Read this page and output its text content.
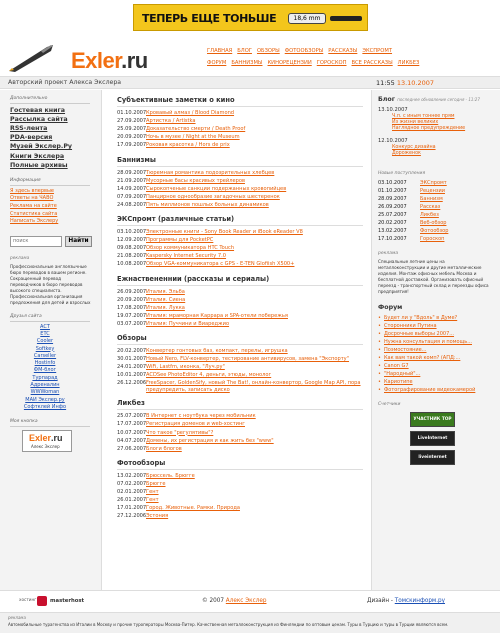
ТЕПЕРЬ ЕЩЕ ТОНЬШЕ	18,6 mm
Exler.ru	ГЛАВНАЯ БЛОГ ОБЗОРЫ ФОТООБЗОРЫ РАССКАЗЫ ЭКСПРОМТ
ФОРУМ БАННИЗМЫ КИНОРЕЦЕНЗИИ ГОРОСКОП ВСЕ РАССКАЗЫ ЛИКБЕЗ
Авторский проект Алекса Экслера	11:55 13.10.2007
Дополнительно
Гостевая книга
Рассылка сайта
RSS-лента
PDA-версия
Музей Экслер.Ру
Книги Экслера
Полные архивы
Информация
Я здесь впервые
Ответы на ЧАВО
Реклама на сайте
Статистика сайта
Написать Экслеру
поиск
Найти
реклама
Профессиональные англоязычные бюро переводов в вашем регионе. Сокращенный перевод переводчиков в бюро переводов высокого специалиста. Профессиональная организация предложения для детей и взрослых
Друзья сайта
ACT
ETC
Cooler
Softkey
Carseller
Hostinfo
ФМ-блог
Турпарад
Адреналин
WWWoman
МАИ Экслер.ру
Софтклей Инфо
Моя кнопка
Exler.ru
Алекс Экслер
Субъективные заметки о кино
01.10.2007 Кровавый алмаз / Blood Diamond
27.09.2007 Артистка / Artistka
25.09.2007 Доказательство смерти / Death Proof
20.09.2007 Ночь в музее / Night at the Museum
17.09.2007 Роковая красотка / Hors de prix
Баннизмы
28.09.2007 Тюремная романтика подозрительных хлебцев
21.09.2007 Мусорные басы красивых трейлеров
14.09.2007 Сырокопченые санкции подержанных кровопийцев
07.09.2007 Панцирное однообразие загадочных шестеренок
24.08.2007 Пять миллионов пошлых больных динамиков
ЭКСпромт (различные статьи)
03.10.2007 Электронные книги - Sony Book Reader и iBook eReader V8
12.09.2007 Программы для PocketPC
09.08.2007 Обзор коммуникатора HTC Touch
21.08.2007 Kaspersky Internet Security 7.0
10.08.2007 Обзор VGA-коммуникатора с GPS - E-TEN Glofiish X500+
Ежнаствененнии (рассказы и сериалы)
26.09.2007 Италия. Эльба
20.09.2007 Италия. Сиена
17.08.2007 Италия. Лукка
19.07.2007 Италия: мраморная Каррара и SPA-отели побережья
03.07.2007 Италия: Пуччини и Виареджио
Обзоры
20.02.2007 Конвертер гонтовых баз, компакт, перелы, игрушка
30.01.2007 Новый Nero, FLV-конвертер, тестирование антивирусов, замена "Экспорту"
24.01.2007 WiFi, Lastfm, иконка, "Луч.ру"
10.01.2007 ACDSee PhotoEditor 4, деньги, этюды, монолог
26.12.2006 FreeSpacer, GoldenSify, новый The Bat!, онлайн-конвертор, Google Map API, пора предупредить, записать диско
Ликбез
25.07.2007 В Интернет с ноутбука через мобильник
17.07.2007 Регистрация доменов и web-хостинг
10.07.2007 Что такое "регулятивы"?
04.07.2007 Домены, их регистрация и как жить без "www"
27.06.2007 Блоги блогов
Фотообзоры
13.02.2007 Брюссель. Брюгге
07.02.2007 Брюгге
02.01.2007 Гент
26.01.2007 Гент
17.01.2007 Город. Животные. Рамки. Природа
27.12.2006 Эстония
Блог последнее обновление сегодня - 11:27
13.10.2007
Ч.п. с иным тоннее прям
Из жизни великих
Наглядное предупреждение
12.10.2007
Конкурс дизайна
Дороженок
Новые поступления
03.10.2007	ЭКСпромт
01.10.2007	Рецензии
28.09.2007	Баннизм
26.09.2007	Рассказ
25.07.2007	Ликбез
20.02.2007	Веб-обзор
13.02.2007	Фотообзор
17.10.2007	Гороскоп
реклама
Специальные летние цены на металлоконструкции и другие металлические изделия. Монтаж офисных мебель Москва и бесплатной доставкой. Организовать офисный переезд - транспортный склад и переезды офиса предприятия!
Форум
• Будет ли у "Вдоль" в Думе?
• Сторонники Путина
• Досрочные выборы 2007...
• Нужна консультация и помощь...
• Поэмостояние...
• Как вам такой комп? (АПД:...
• Canon G7
• "Народный"...
• Кариотипе
• Фотографирование видеокамерой
Счетчики
УЧАСТНИК TOP
LiveInternet
liveinternet
хостинг	masterhost	© 2007 Алекс Экслер	Дизайн - Томскинформ.ру
реклама
Автомобильные турагенства из Италии в Москву и прочие туроператоры Москва-Питер. Качественная металлоконструкция из Финляндии по оптовым ценам. Туры в Турцию и туры в Турции являются всем.
